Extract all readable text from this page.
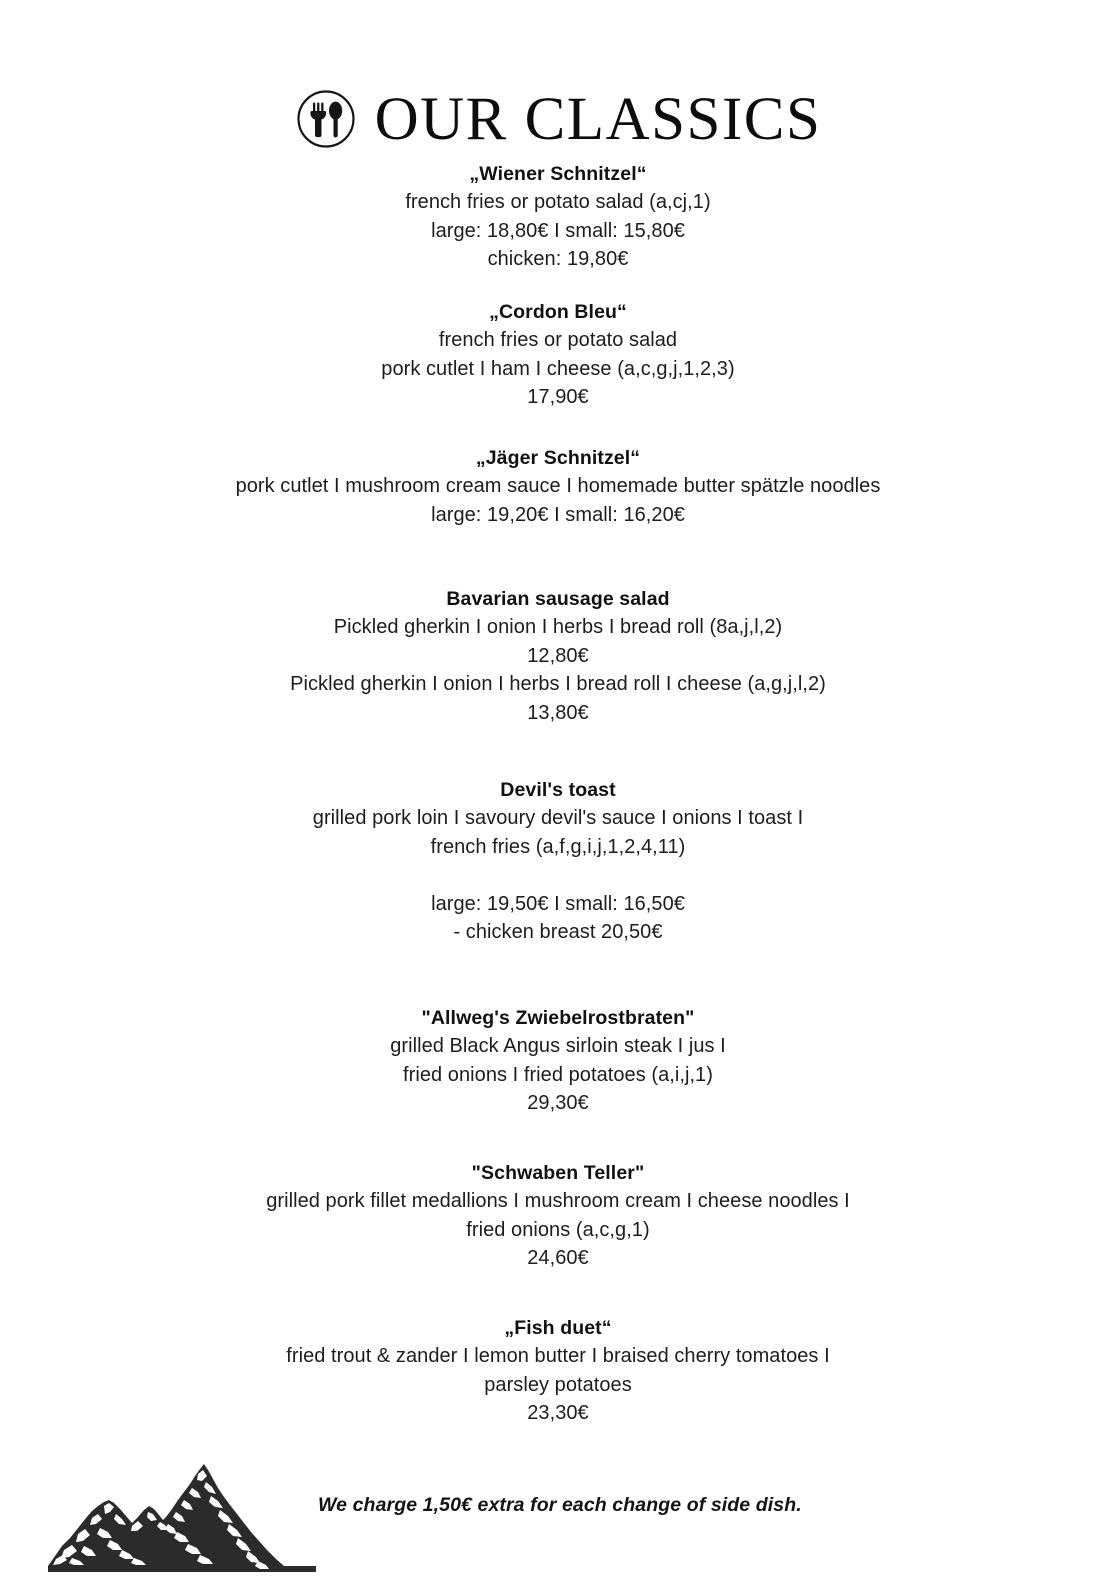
OUR CLASSICS
„Wiener Schnitzel“
french fries or potato salad (a,cj,1)
large: 18,80€ I small: 15,80€
chicken: 19,80€
„Cordon Bleu“
french fries or potato salad
pork cutlet I ham I cheese (a,c,g,j,1,2,3)
17,90€
„Jäger Schnitzel“
pork cutlet I mushroom cream sauce I homemade butter spätzle noodles
large: 19,20€ I small: 16,20€
Bavarian sausage salad
Pickled gherkin I onion I herbs I bread roll (8a,j,l,2)
12,80€
Pickled gherkin I onion I herbs I bread roll I cheese (a,g,j,l,2)
13,80€
Devil's toast
grilled pork loin I savoury devil's sauce I onions I toast I
french fries (a,f,g,i,j,1,2,4,11)
large: 19,50€ I small: 16,50€
- chicken breast 20,50€
"Allweg's Zwiebelrostbraten"
grilled Black Angus sirloin steak I jus I
fried onions I fried potatoes (a,i,j,1)
29,30€
"Schwaben Teller"
grilled pork fillet medallions I mushroom cream I cheese noodles I
fried onions (a,c,g,1)
24,60€
„Fish duet“
fried trout & zander I lemon butter I braised cherry tomatoes I
parsley potatoes
23,30€
We charge 1,50€ extra for each change of side dish.
